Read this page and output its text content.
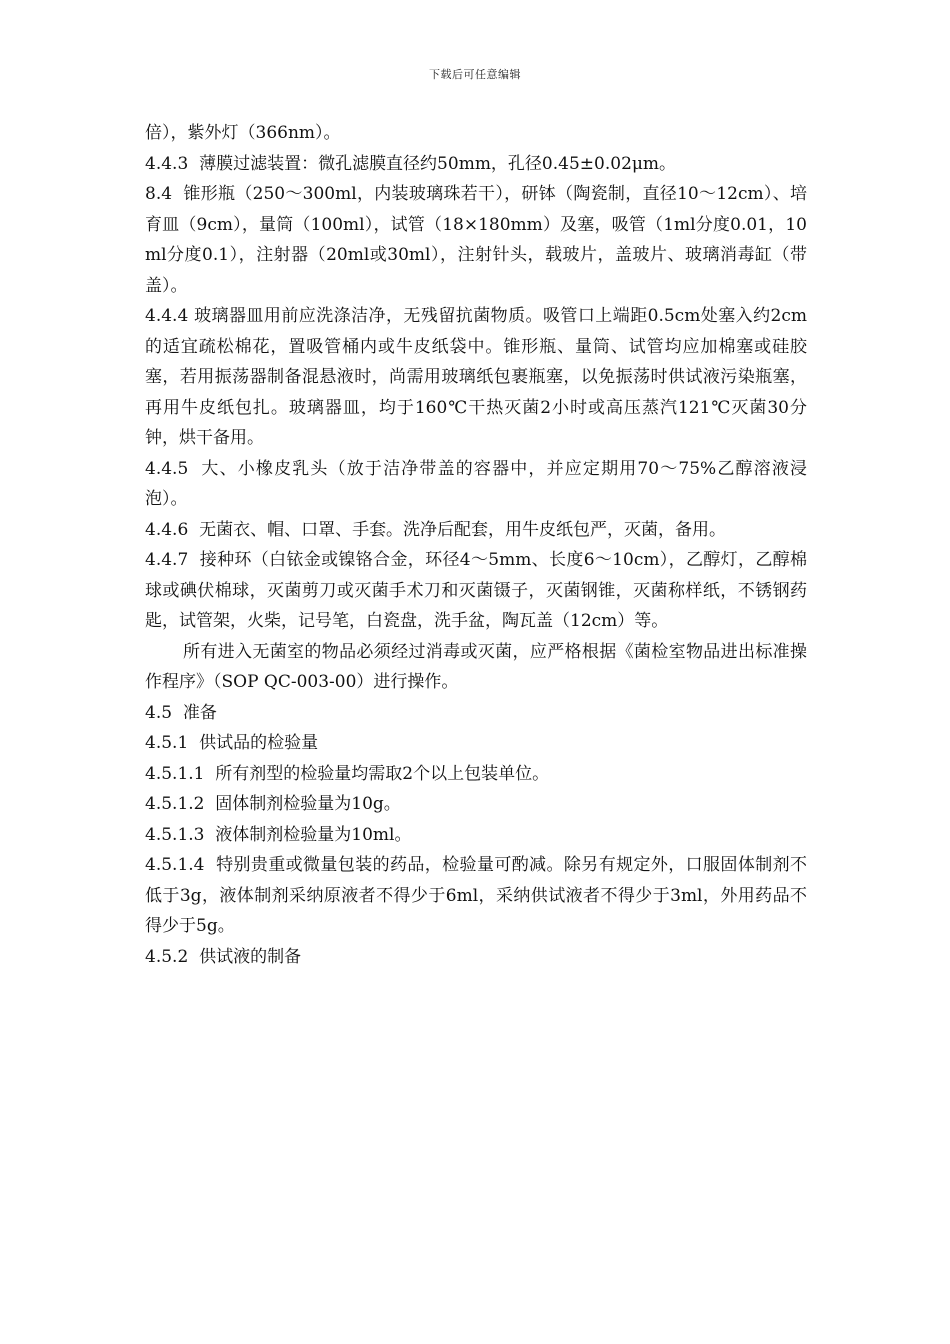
下载后可任意编辑

倍），紫外灯（366nm）。

4.4.3  薄膜过滤装置：微孔滤膜直径约50mm，孔径0.45±0.02μm。

8.4  锥形瓶（250～300ml，内装玻璃珠若干），研钵（陶瓷制，直径10～12cm）、培育皿（9cm），量筒（100ml），试管（18×180mm）及塞，吸管（1ml分度0.01，10ml分度0.1），注射器（20ml或30ml），注射针头，载玻片，盖玻片、玻璃消毒缸（带盖）。

4.4.4 玻璃器皿用前应洗涤洁净，无残留抗菌物质。吸管口上端距0.5cm处塞入约2cm的适宜疏松棉花，置吸管桶内或牛皮纸袋中。锥形瓶、量筒、试管均应加棉塞或硅胶塞，若用振荡器制备混悬液时，尚需用玻璃纸包裹瓶塞，以免振荡时供试液污染瓶塞，再用牛皮纸包扎。玻璃器皿，均于160℃干热灭菌2小时或高压蒸汽121℃灭菌30分钟，烘干备用。

4.4.5  大、小橡皮乳头（放于洁净带盖的容器中，并应定期用70～75%乙醇溶液浸泡）。

4.4.6  无菌衣、帽、口罩、手套。洗净后配套，用牛皮纸包严，灭菌，备用。

4.4.7  接种环（白铱金或镍铬合金，环径4～5mm、长度6～10cm），乙醇灯，乙醇棉球或碘伏棉球，灭菌剪刀或灭菌手术刀和灭菌镊子，灭菌钢锥，灭菌称样纸，不锈钢药匙，试管架，火柴，记号笔，白瓷盘，洗手盆，陶瓦盖（12cm）等。

所有进入无菌室的物品必须经过消毒或灭菌，应严格根据《菌检室物品进出标准操作程序》（SOP QC-003-00）进行操作。

4.5  准备

4.5.1  供试品的检验量

4.5.1.1  所有剂型的检验量均需取2个以上包装单位。

4.5.1.2  固体制剂检验量为10g。

4.5.1.3  液体制剂检验量为10ml。

4.5.1.4  特别贵重或微量包装的药品，检验量可酌减。除另有规定外，口服固体制剂不低于3g，液体制剂采纳原液者不得少于6ml，采纳供试液者不得少于3ml，外用药品不得少于5g。

4.5.2  供试液的制备
